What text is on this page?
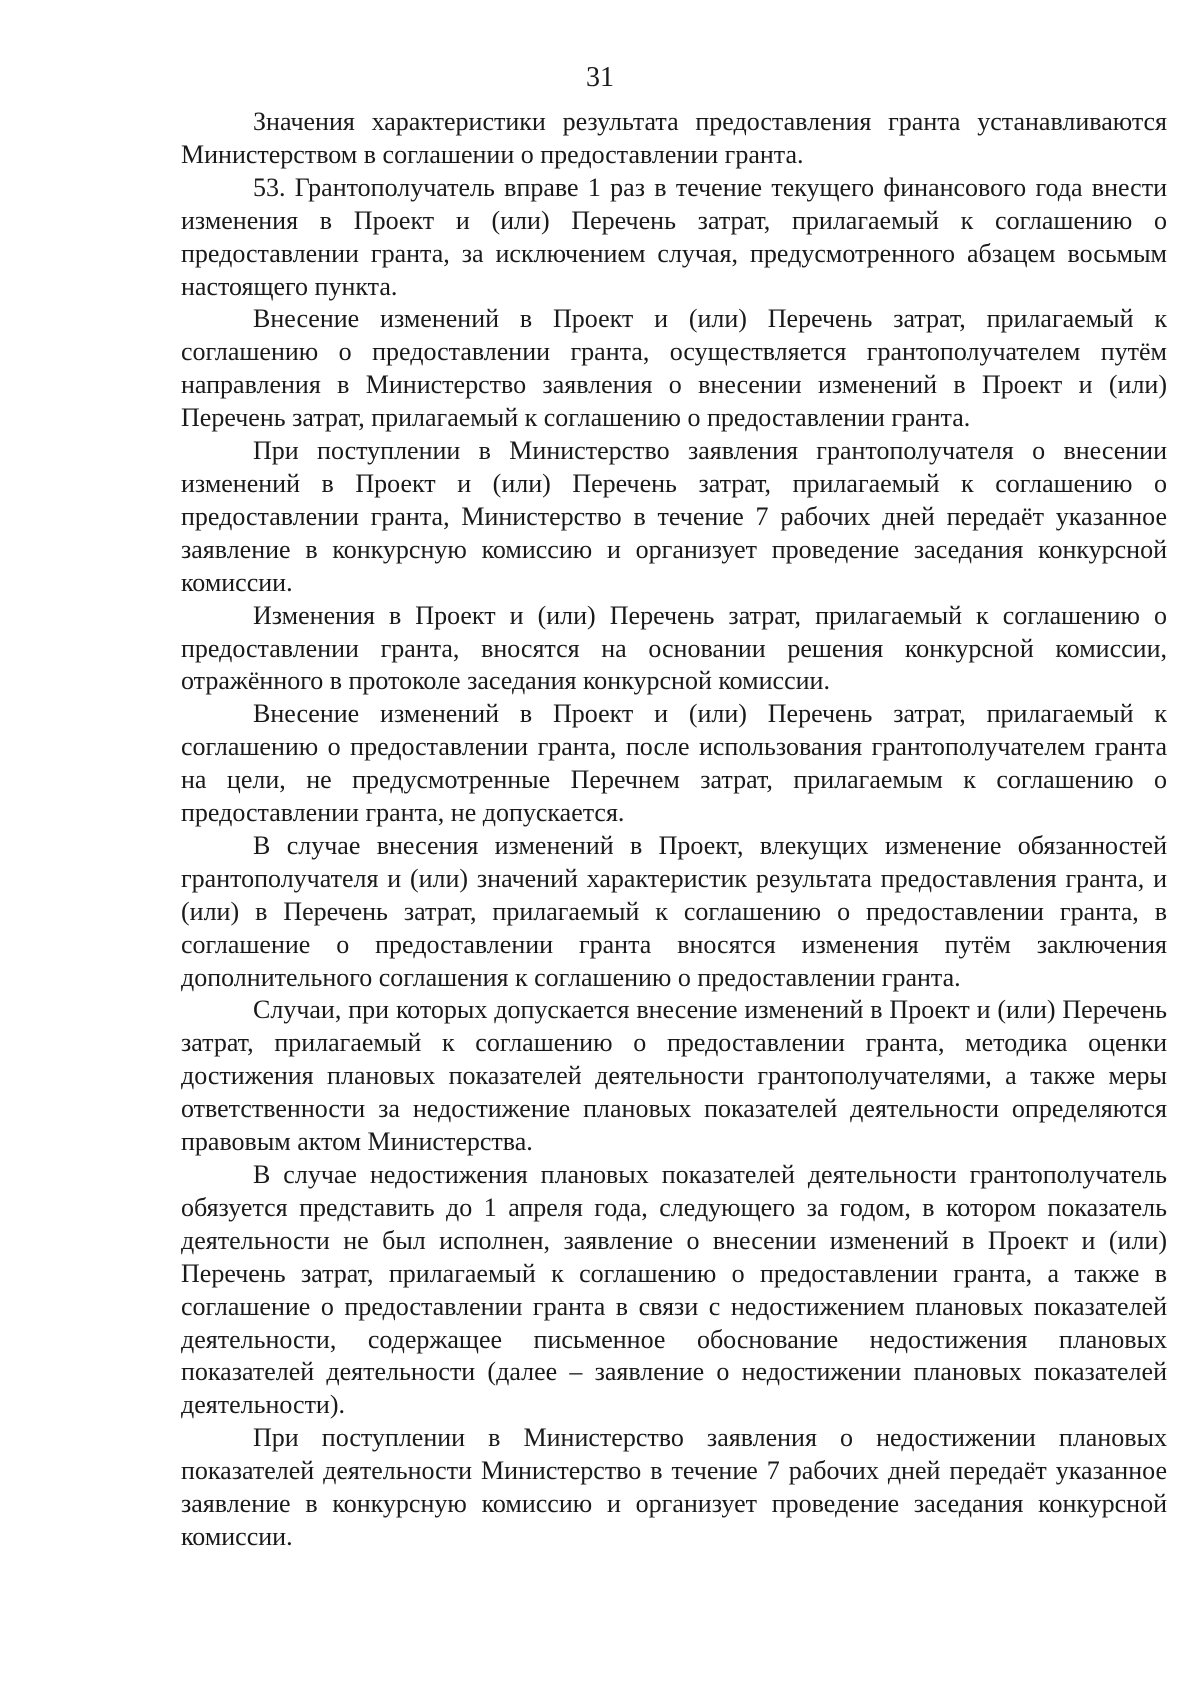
31

Значения характеристики результата предоставления гранта устанавливаются Министерством в соглашении о предоставлении гранта.

53. Грантополучатель вправе 1 раз в течение текущего финансового года внести изменения в Проект и (или) Перечень затрат, прилагаемый к соглашению о предоставлении гранта, за исключением случая, предусмотренного абзацем восьмым настоящего пункта.

Внесение изменений в Проект и (или) Перечень затрат, прилагаемый к соглашению о предоставлении гранта, осуществляется грантополучателем путём направления в Министерство заявления о внесении изменений в Проект и (или) Перечень затрат, прилагаемый к соглашению о предоставлении гранта.

При поступлении в Министерство заявления грантополучателя о внесении изменений в Проект и (или) Перечень затрат, прилагаемый к соглашению о предоставлении гранта, Министерство в течение 7 рабочих дней передаёт указанное заявление в конкурсную комиссию и организует проведение заседания конкурсной комиссии.

Изменения в Проект и (или) Перечень затрат, прилагаемый к соглашению о предоставлении гранта, вносятся на основании решения конкурсной комиссии, отражённого в протоколе заседания конкурсной комиссии.

Внесение изменений в Проект и (или) Перечень затрат, прилагаемый к соглашению о предоставлении гранта, после использования грантополучателем гранта на цели, не предусмотренные Перечнем затрат, прилагаемым к соглашению о предоставлении гранта, не допускается.

В случае внесения изменений в Проект, влекущих изменение обязанностей грантополучателя и (или) значений характеристик результата предоставления гранта, и (или) в Перечень затрат, прилагаемый к соглашению о предоставлении гранта, в соглашение о предоставлении гранта вносятся изменения путём заключения дополнительного соглашения к соглашению о предоставлении гранта.

Случаи, при которых допускается внесение изменений в Проект и (или) Перечень затрат, прилагаемый к соглашению о предоставлении гранта, методика оценки достижения плановых показателей деятельности грантополучателями, а также меры ответственности за недостижение плановых показателей деятельности определяются правовым актом Министерства.

В случае недостижения плановых показателей деятельности грантополучатель обязуется представить до 1 апреля года, следующего за годом, в котором показатель деятельности не был исполнен, заявление о внесении изменений в Проект и (или) Перечень затрат, прилагаемый к соглашению о предоставлении гранта, а также в соглашение о предоставлении гранта в связи с недостижением плановых показателей деятельности, содержащее письменное обоснование недостижения плановых показателей деятельности (далее – заявление о недостижении плановых показателей деятельности).

При поступлении в Министерство заявления о недостижении плановых показателей деятельности Министерство в течение 7 рабочих дней передаёт указанное заявление в конкурсную комиссию и организует проведение заседания конкурсной комиссии.
